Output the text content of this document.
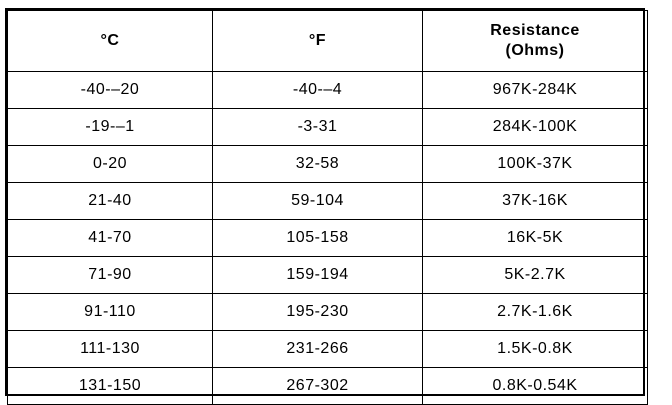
°C	°F	Resistance
(Ohms)

-40-–20	-40-–4	967K-284K
-19-–1	-3-31	284K-100K
0-20	32-58	100K-37K
21-40	59-104	37K-16K
41-70	105-158	16K-5K
71-90	159-194	5K-2.7K
91-110	195-230	2.7K-1.6K
111-130	231-266	1.5K-0.8K
131-150	267-302	0.8K-0.54K
